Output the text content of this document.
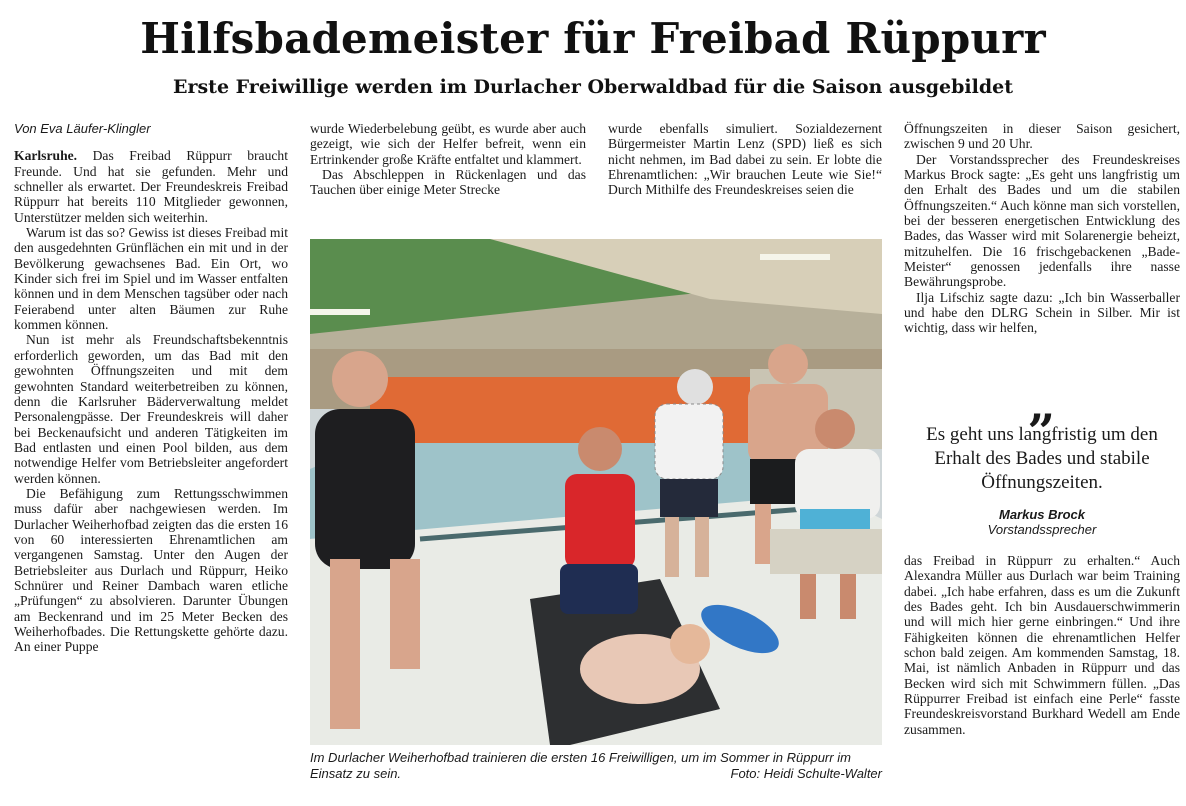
Hilfsbademeister für Freibad Rüppurr
Erste Freiwillige werden im Durlacher Oberwaldbad für die Saison ausgebildet
Von Eva Läufer-Klingler

Karlsruhe. Das Freibad Rüppurr braucht Freunde. Und hat sie gefunden. Mehr und schneller als erwartet. Der Freundeskreis Freibad Rüppurr hat bereits 110 Mitglieder gewonnen, Unterstützer melden sich weiterhin.

Warum ist das so? Gewiss ist dieses Freibad mit den ausgedehnten Grünflächen ein mit und in der Bevölkerung gewachsenes Bad. Ein Ort, wo Kinder sich frei im Spiel und im Wasser entfalten können und in dem Menschen tagsüber oder nach Feierabend unter alten Bäumen zur Ruhe kommen können.

Nun ist mehr als Freundschaftsbekenntnis erforderlich geworden, um das Bad mit den gewohnten Öffnungszeiten und mit dem gewohnten Standard weiterbetreiben zu können, denn die Karlsruher Bäderverwaltung meldet Personalengpässe. Der Freundeskreis will daher bei Beckenaufsicht und anderen Tätigkeiten im Bad entlasten und einen Pool bilden, aus dem notwendige Helfer vom Betriebsleiter angefordert werden können.

Die Befähigung zum Rettungsschwimmen muss dafür aber nachgewiesen werden. Im Durlacher Weiherhofbad zeigten das die ersten 16 von 60 interessierten Ehrenamtlichen am vergangenen Samstag. Unter den Augen der Betriebsleiter aus Durlach und Rüppurr, Heiko Schnürer und Reiner Dambach waren etliche „Prüfungen“ zu absolvieren. Darunter Übungen am Beckenrand und im 25 Meter Becken des Weiherhofbades. Die Rettungskette gehörte dazu. An einer Puppe

wurde Wiederbelebung geübt, es wurde aber auch gezeigt, wie sich der Helfer befreit, wenn ein Ertrinkender große Kräfte entfaltet und klammert.

Das Abschleppen in Rückenlagen und das Tauchen über einige Meter Strecke

wurde ebenfalls simuliert. Sozialdezernent Bürgermeister Martin Lenz (SPD) ließ es sich nicht nehmen, im Bad dabei zu sein. Er lobte die Ehrenamtlichen: „Wir brauchen Leute wie Sie!“ Durch Mithilfe des Freundeskreises seien die

Öffnungszeiten in dieser Saison gesichert, zwischen 9 und 20 Uhr.

Der Vorstandssprecher des Freundeskreises Markus Brock sagte: „Es geht uns langfristig um den Erhalt des Bades und um die stabilen Öffnungszeiten.“ Auch könne man sich vorstellen, bei der besseren energetischen Entwicklung des Bades, das Wasser wird mit Solarenergie beheizt, mitzuhelfen. Die 16 frischgebackenen „Bade-Meister“ genossen jedenfalls ihre nasse Bewährungsprobe.

Ilja Lifschiz sagte dazu: „Ich bin Wasserballer und habe den DLRG Schein in Silber. Mir ist wichtig, dass wir helfen,

„
Es geht uns langfristig um den Erhalt des Bades und stabile Öffnungszeiten.
Markus Brock
Vorstandssprecher

das Freibad in Rüppurr zu erhalten.“ Auch Alexandra Müller aus Durlach war beim Training dabei. „Ich habe erfahren, dass es um die Zukunft des Bades geht. Ich bin Ausdauerschwimmerin und will mich hier gerne einbringen.“ Und ihre Fähigkeiten können die ehrenamtlichen Helfer schon bald zeigen. Am kommenden Samstag, 18. Mai, ist nämlich Anbaden in Rüppurr und das Becken wird sich mit Schwimmern füllen. „Das Rüppurrer Freibad ist einfach eine Perle“ fasste Freundeskreisvorstand Burkhard Wedell am Ende zusammen.

Im Durlacher Weiherhofbad trainieren die ersten 16 Freiwilligen, um im Sommer in Rüppurr im Einsatz zu sein.	Foto: Heidi Schulte-Walter
